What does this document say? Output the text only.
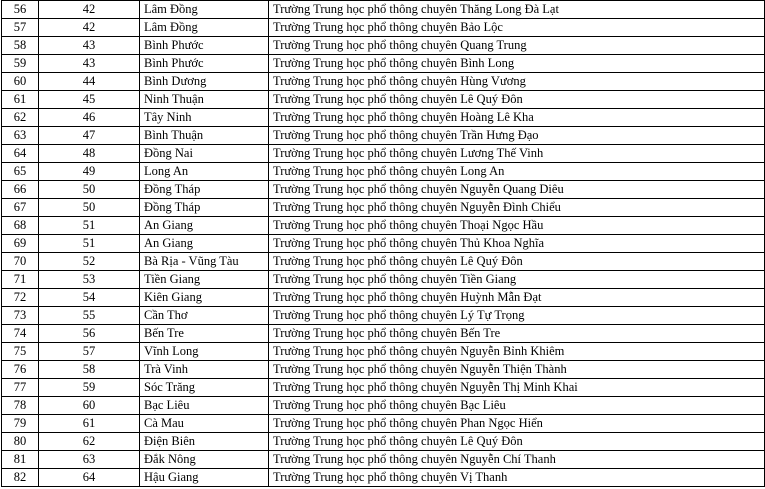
56	42	Lâm Đồng	Trường Trung học phổ thông chuyên Thăng Long Đà Lạt
57	42	Lâm Đồng	Trường Trung học phổ thông chuyên Bảo Lộc
58	43	Bình Phước	Trường Trung học phổ thông chuyên Quang Trung
59	43	Bình Phước	Trường Trung học phổ thông chuyên Bình Long
60	44	Bình Dương	Trường Trung học phổ thông chuyên Hùng Vương
61	45	Ninh Thuận	Trường Trung học phổ thông chuyên Lê Quý Đôn
62	46	Tây Ninh	Trường Trung học phổ thông chuyên Hoàng Lê Kha
63	47	Bình Thuận	Trường Trung học phổ thông chuyên Trần Hưng Đạo
64	48	Đồng Nai	Trường Trung học phổ thông chuyên Lương Thế Vinh
65	49	Long An	Trường Trung học phổ thông chuyên Long An
66	50	Đồng Tháp	Trường Trung học phổ thông chuyên Nguyễn Quang Diêu
67	50	Đồng Tháp	Trường Trung học phổ thông chuyên Nguyễn Đình Chiểu
68	51	An Giang	Trường Trung học phổ thông chuyên Thoại Ngọc Hầu
69	51	An Giang	Trường Trung học phổ thông chuyên Thủ Khoa Nghĩa
70	52	Bà Rịa - Vũng Tàu	Trường Trung học phổ thông chuyên Lê Quý Đôn
71	53	Tiền Giang	Trường Trung học phổ thông chuyên Tiền Giang
72	54	Kiên Giang	Trường Trung học phổ thông chuyên Huỳnh Mẫn Đạt
73	55	Cần Thơ	Trường Trung học phổ thông chuyên Lý Tự Trọng
74	56	Bến Tre	Trường Trung học phổ thông chuyên Bến Tre
75	57	Vĩnh Long	Trường Trung học phổ thông chuyên Nguyễn Bỉnh Khiêm
76	58	Trà Vinh	Trường Trung học phổ thông chuyên Nguyễn Thiện Thành
77	59	Sóc Trăng	Trường Trung học phổ thông chuyên Nguyễn Thị Minh Khai
78	60	Bạc Liêu	Trường Trung học phổ thông chuyên Bạc Liêu
79	61	Cà Mau	Trường Trung học phổ thông chuyên Phan Ngọc Hiển
80	62	Điện Biên	Trường Trung học phổ thông chuyên Lê Quý Đôn
81	63	Đắk Nông	Trường Trung học phổ thông chuyên Nguyễn Chí Thanh
82	64	Hậu Giang	Trường Trung học phổ thông chuyên Vị Thanh
